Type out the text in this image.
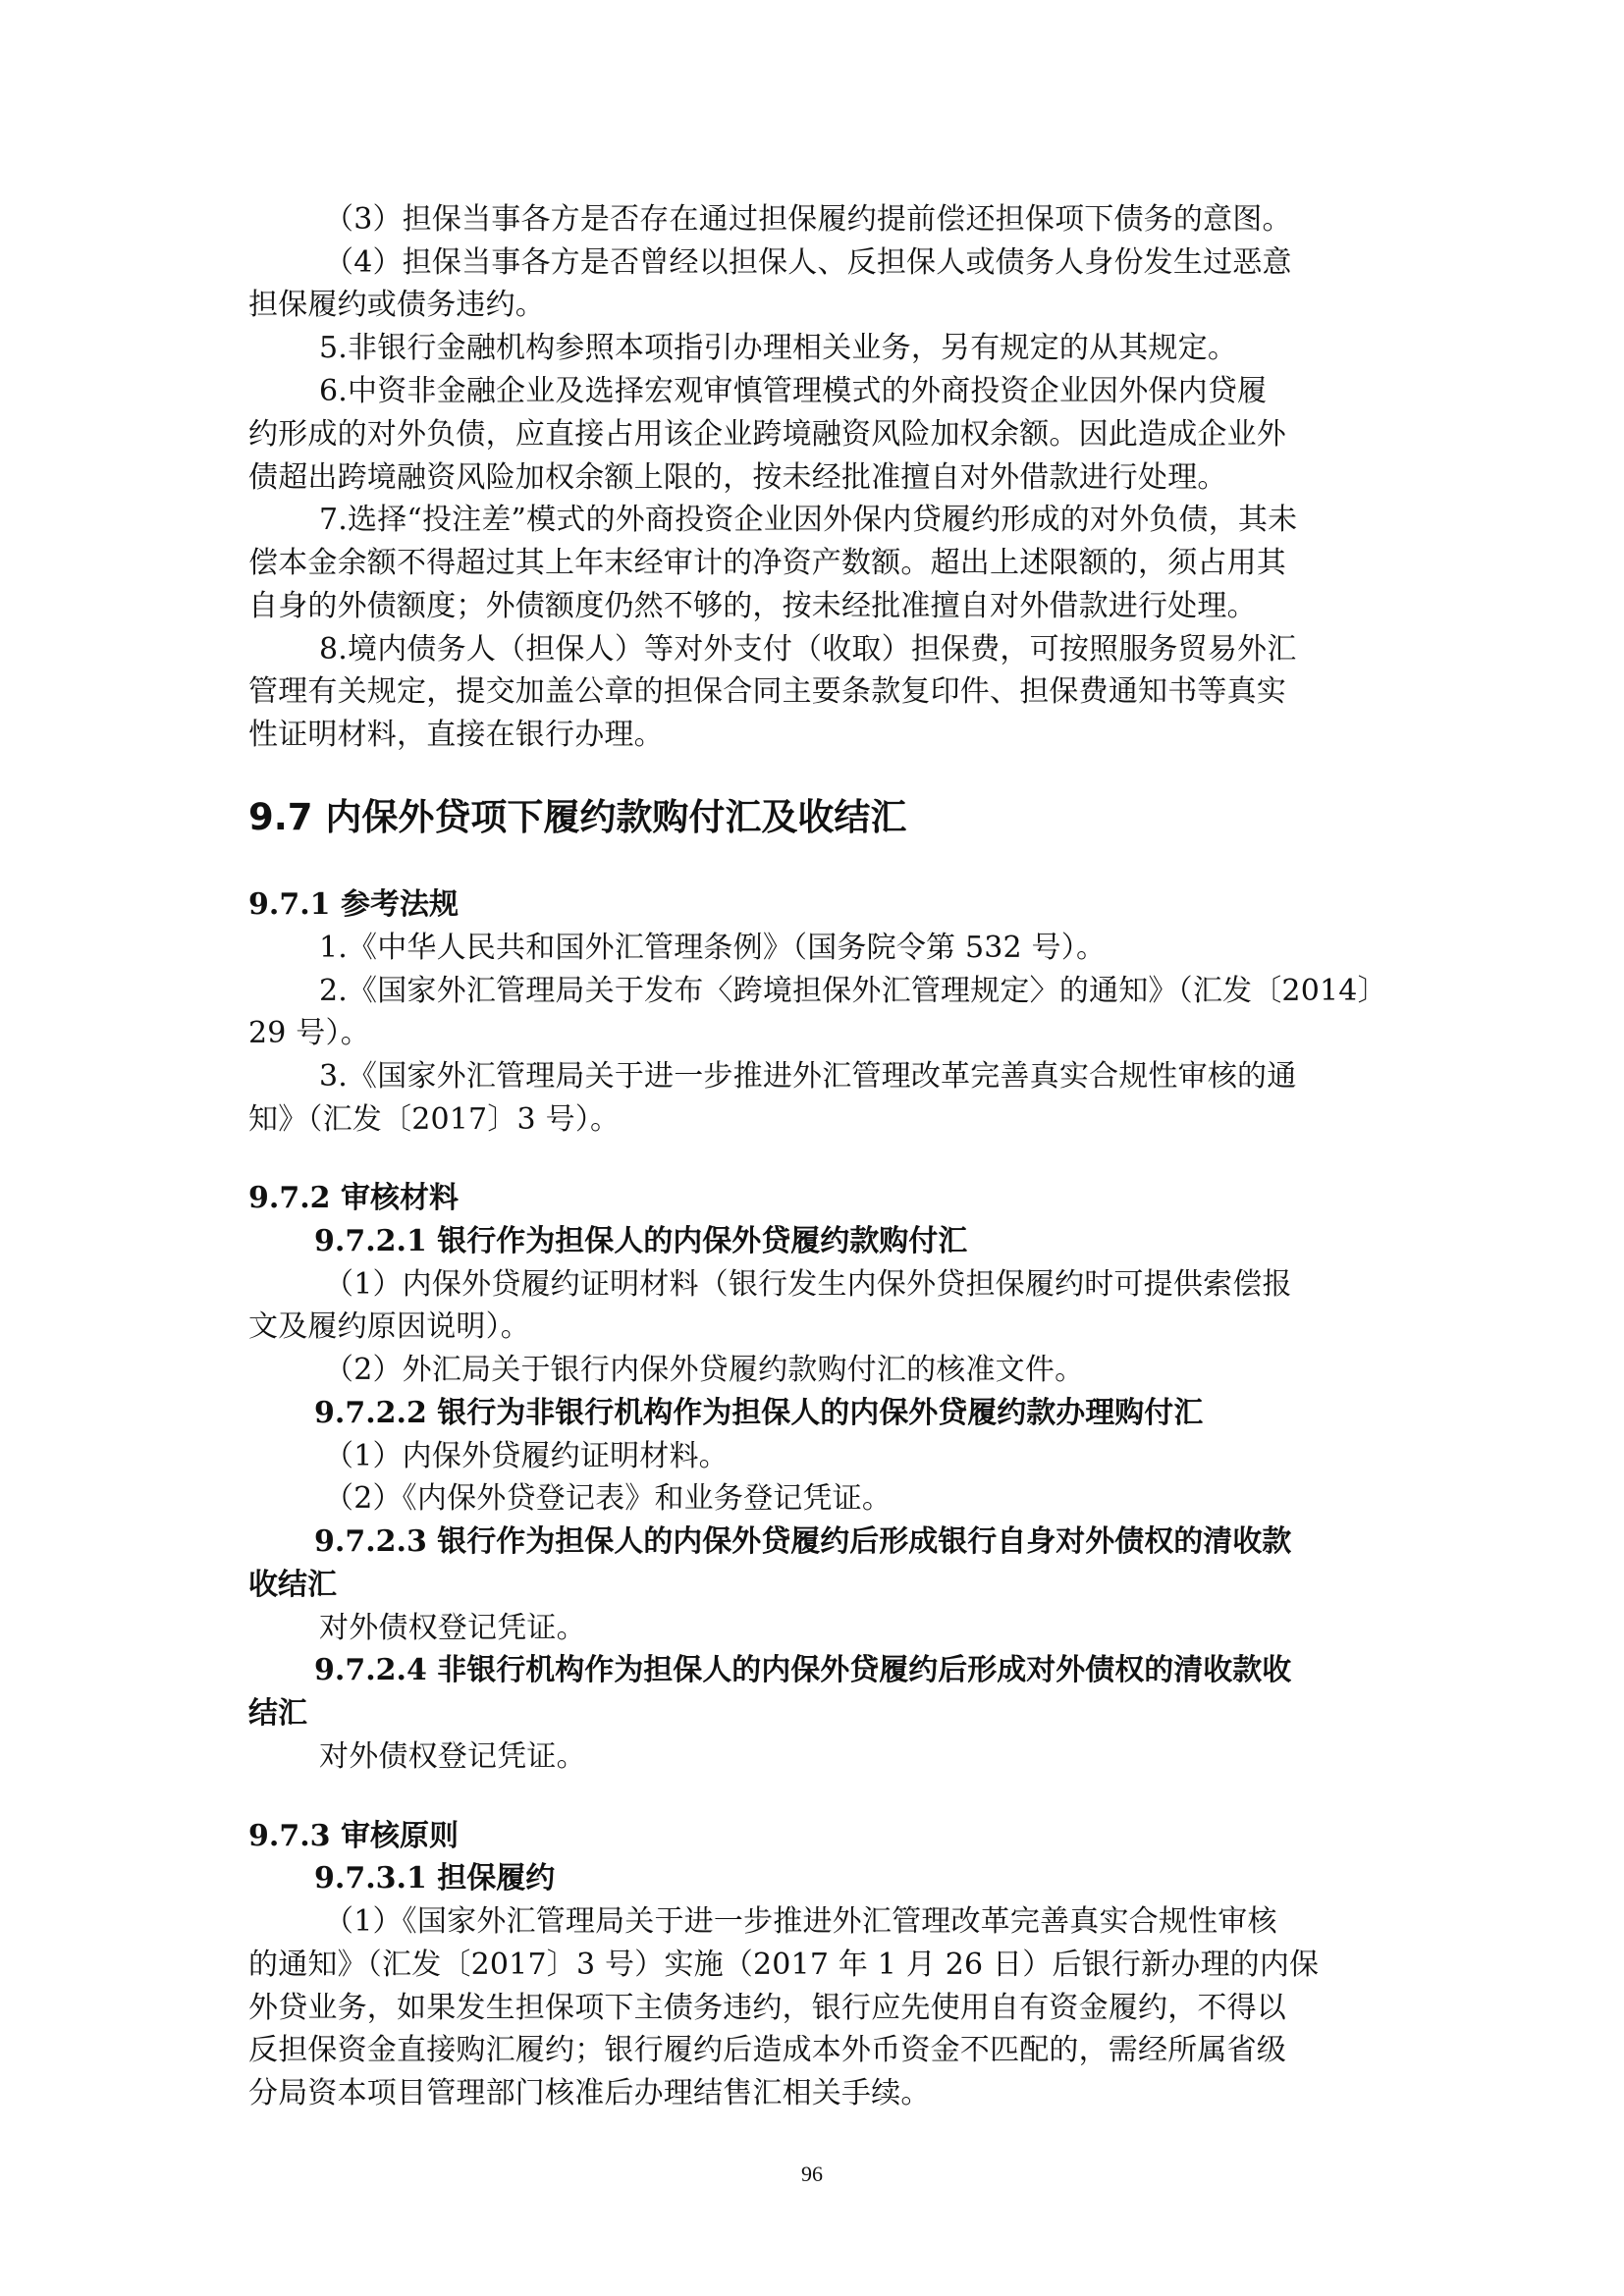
（3）担保当事各方是否存在通过担保履约提前偿还担保项下债务的意图。
（4）担保当事各方是否曾经以担保人、反担保人或债务人身份发生过恶意
担保履约或债务违约。
5.非银行金融机构参照本项指引办理相关业务，另有规定的从其规定。
6.中资非金融企业及选择宏观审慎管理模式的外商投资企业因外保内贷履
约形成的对外负债，应直接占用该企业跨境融资风险加权余额。因此造成企业外
债超出跨境融资风险加权余额上限的，按未经批准擅自对外借款进行处理。
7.选择“投注差”模式的外商投资企业因外保内贷履约形成的对外负债，其未
偿本金余额不得超过其上年末经审计的净资产数额。超出上述限额的，须占用其
自身的外债额度；外债额度仍然不够的，按未经批准擅自对外借款进行处理。
8.境内债务人（担保人）等对外支付（收取）担保费，可按照服务贸易外汇
管理有关规定，提交加盖公章的担保合同主要条款复印件、担保费通知书等真实
性证明材料，直接在银行办理。
9.7 内保外贷项下履约款购付汇及收结汇
9.7.1 参考法规
1.《中华人民共和国外汇管理条例》（国务院令第 532 号）。
2.《国家外汇管理局关于发布〈跨境担保外汇管理规定〉的通知》（汇发〔2014〕
29 号）。
3.《国家外汇管理局关于进一步推进外汇管理改革完善真实合规性审核的通
知》（汇发〔2017〕3 号）。
9.7.2 审核材料
9.7.2.1 银行作为担保人的内保外贷履约款购付汇
（1）内保外贷履约证明材料（银行发生内保外贷担保履约时可提供索偿报
文及履约原因说明）。
（2）外汇局关于银行内保外贷履约款购付汇的核准文件。
9.7.2.2 银行为非银行机构作为担保人的内保外贷履约款办理购付汇
（1）内保外贷履约证明材料。
（2）《内保外贷登记表》和业务登记凭证。
9.7.2.3 银行作为担保人的内保外贷履约后形成银行自身对外债权的清收款
收结汇
对外债权登记凭证。
9.7.2.4 非银行机构作为担保人的内保外贷履约后形成对外债权的清收款收
结汇
对外债权登记凭证。
9.7.3 审核原则
9.7.3.1 担保履约
（1）《国家外汇管理局关于进一步推进外汇管理改革完善真实合规性审核
的通知》（汇发〔2017〕3 号）实施（2017 年 1 月 26 日）后银行新办理的内保
外贷业务，如果发生担保项下主债务违约，银行应先使用自有资金履约，不得以
反担保资金直接购汇履约；银行履约后造成本外币资金不匹配的，需经所属省级
分局资本项目管理部门核准后办理结售汇相关手续。
96
